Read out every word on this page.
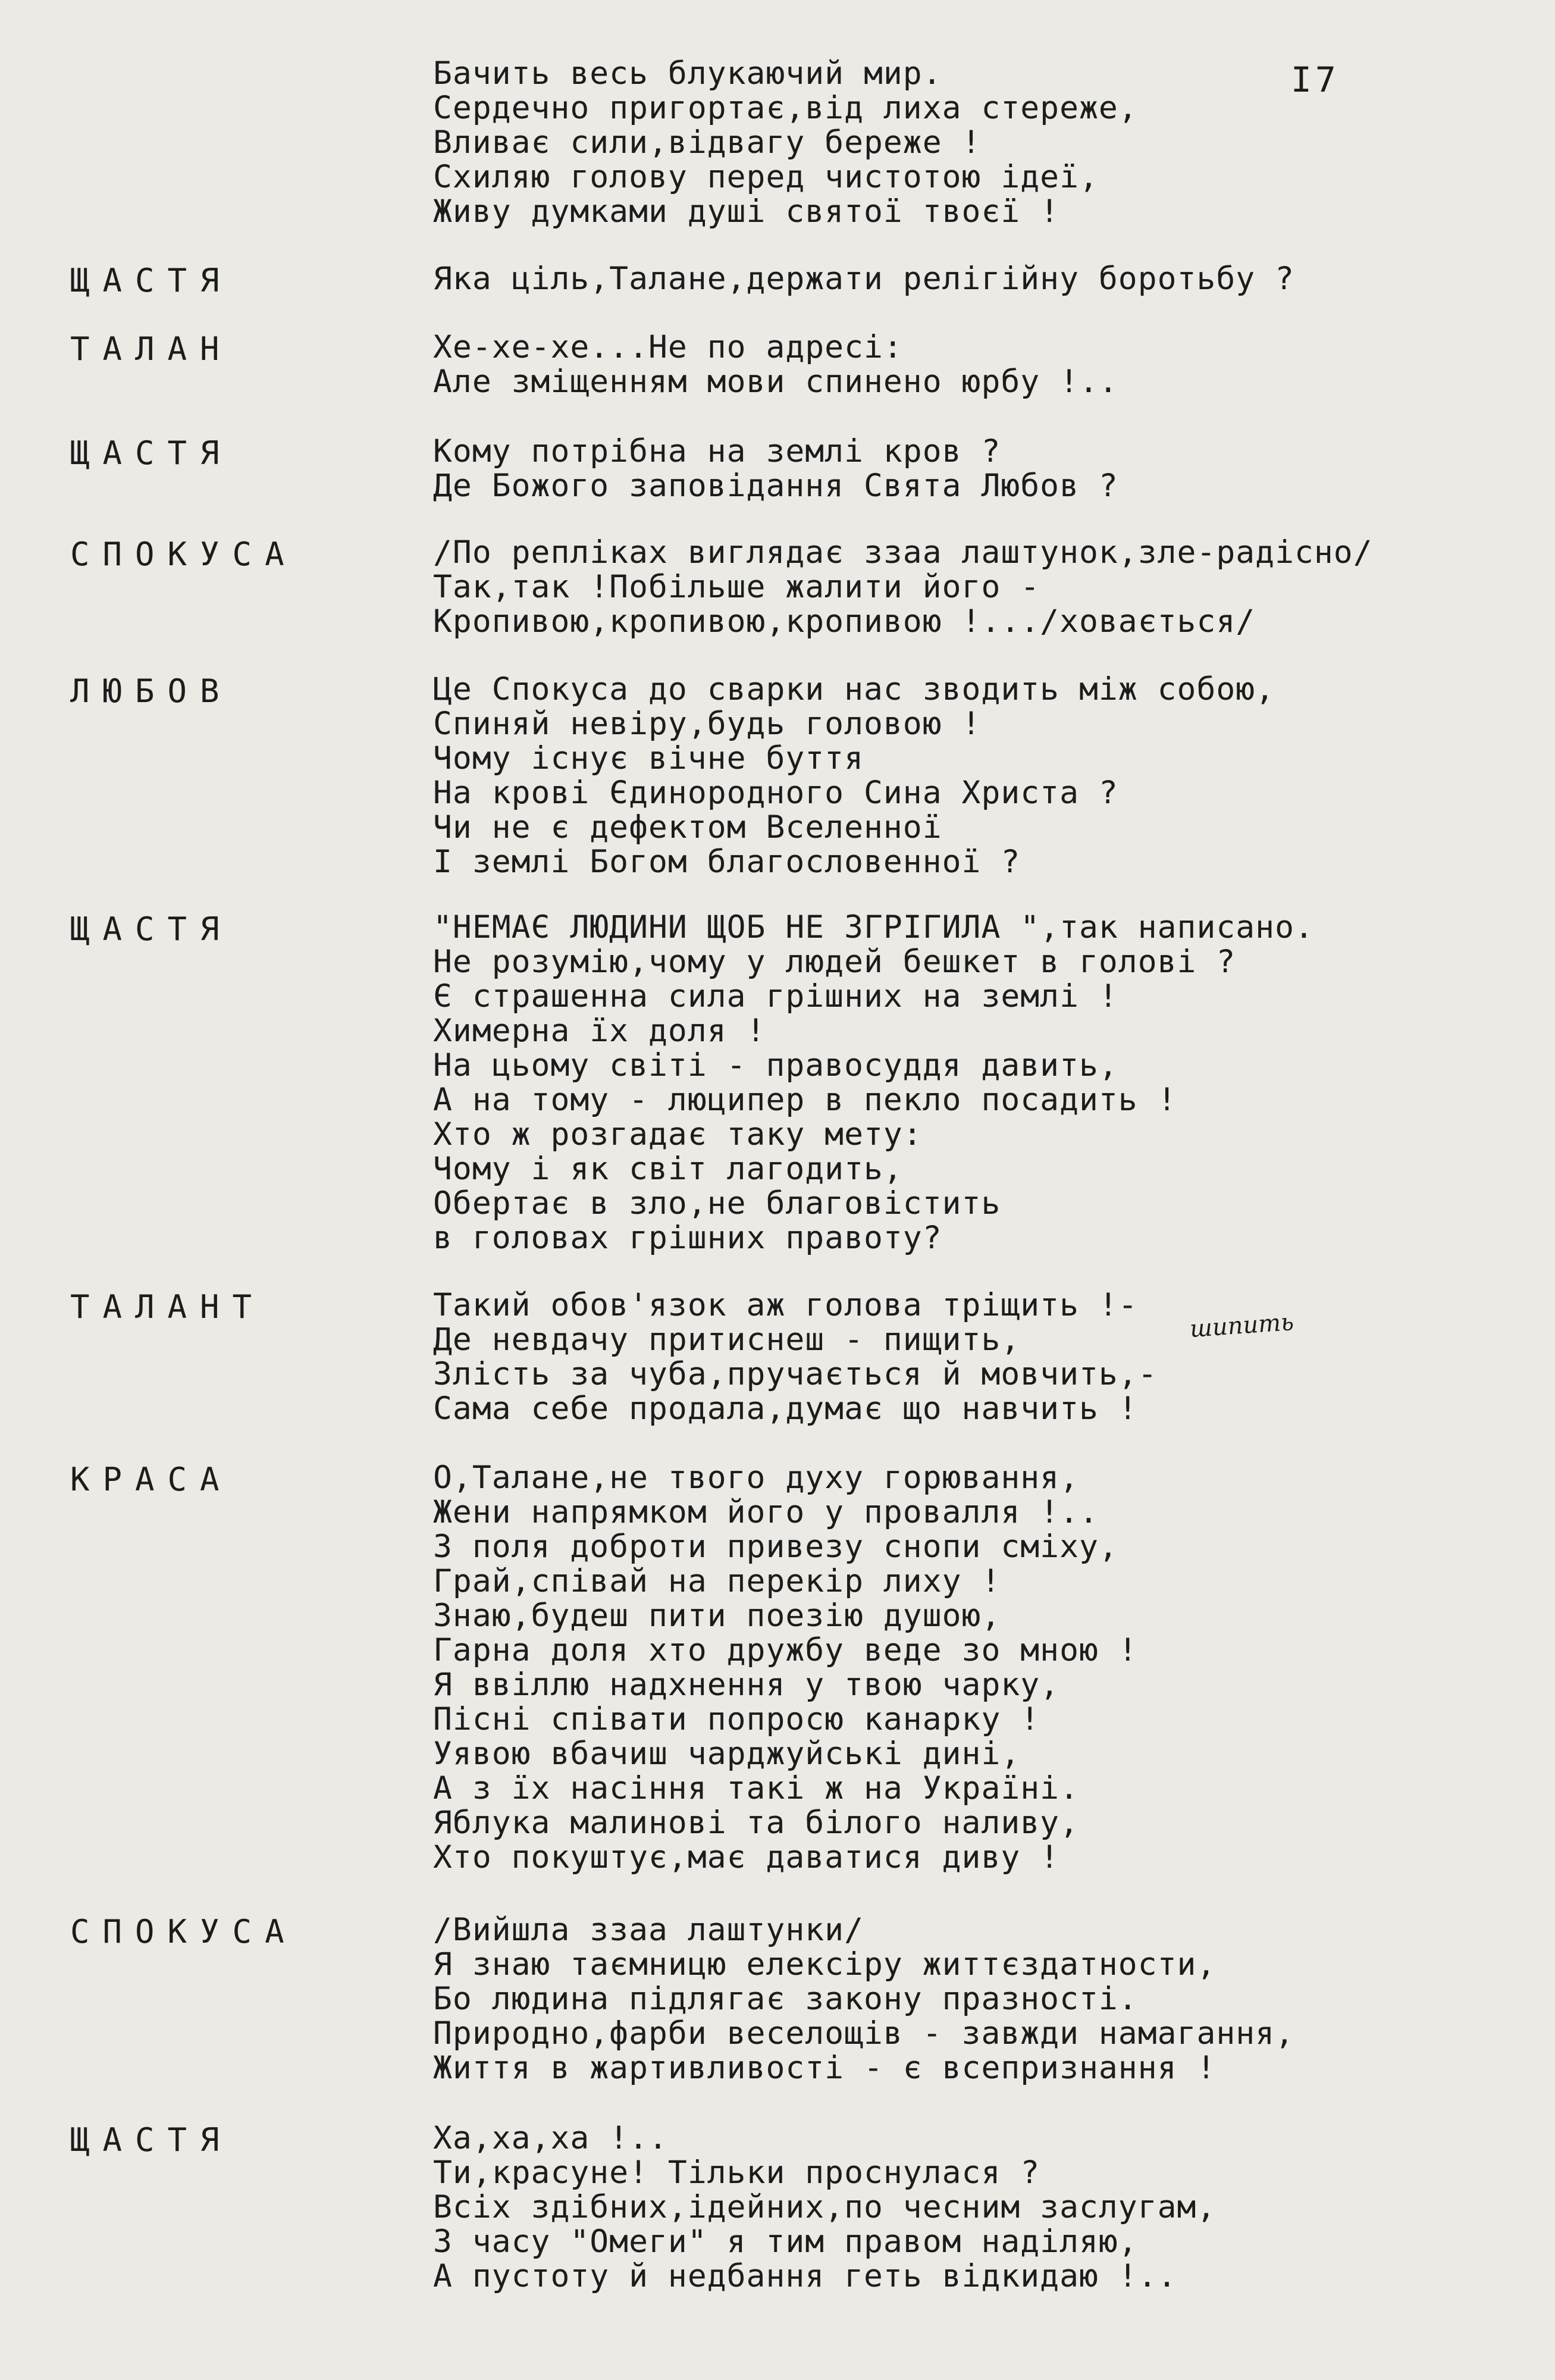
I7
Бачить весь блукаючий мир.
Сердечно пригортає,від лиха стереже,
Вливає сили,відвагу береже !
Схиляю голову перед чистотою ідеї,
Живу думками душі святої твоєї !
ЩАСТЯ	Яка ціль,Талане,держати релігійну боротьбу ?
ТАЛАН	Хе-хе-хе...Не по адресі:
Але зміщенням мови спинено юрбу !..
ЩАСТЯ	Кому потрібна на землі кров ?
Де Божого заповідання Свята Любов ?
СПОКУСА	/По репліках виглядає ззаа лаштунок,зле-радісно/
Так,так !Побільше жалити його -
Кропивою,кропивою,кропивою !.../ховається/
ЛЮБОВ	Це Спокуса до сварки нас зводить між собою,
Спиняй невіру,будь головою !
Чому існує вічне буття
На крові Єдинородного Сина Христа ?
Чи не є дефектом Вселенної
І землі Богом благословенної ?
ЩАСТЯ	"НЕМАЄ ЛЮДИНИ ЩОБ НЕ ЗГРІГИЛА ",так написано.
Не розумію,чому у людей бешкет в голові ?
Є страшенна сила грішних на землі !
Химерна їх доля !
На цьому світі - правосуддя давить,
А на тому - люципер в пекло посадить !
Хто ж розгадає таку мету:
Чому і як світ лагодить,
Обертає в зло,не благовістить
в головах грішних правоту?
ТАЛАНТ	Такий обов'язок аж голова тріщить !-
Де невдачу притиснеш - пищить,
Злість за чуба,пручається й мовчить,-
Сама себе продала,думає що навчить !
КРАСА	О,Талане,не твого духу горювання,
Жени напрямком його у провалля !..
З поля доброти привезу снопи сміху,
Грай,співай на перекір лиху !
Знаю,будеш пити поезію душою,
Гарна доля хто дружбу веде зо мною !
Я ввіллю надхнення у твою чарку,
Пісні співати попросю канарку !
Уявою вбачиш чарджуйські дині,
А з їх насіння такі ж на Україні.
Яблука малинові та білого наливу,
Хто покуштує,має даватися диву !
СПОКУСА	/Вийшла ззаа лаштунки/
Я знаю таємницю елексіру життєздатности,
Бо людина підлягає закону празності.
Природно,фарби веселощів - завжди намагання,
Життя в жартивливості - є всепризнання !
ЩАСТЯ	Ха,ха,ха !..
Ти,красуне! Тільки проснулася ?
Всіх здібних,ідейних,по чесним заслугам,
З часу "Омеги" я тим правом наділяю,
А пустоту й недбання геть відкидаю !..
шипить
